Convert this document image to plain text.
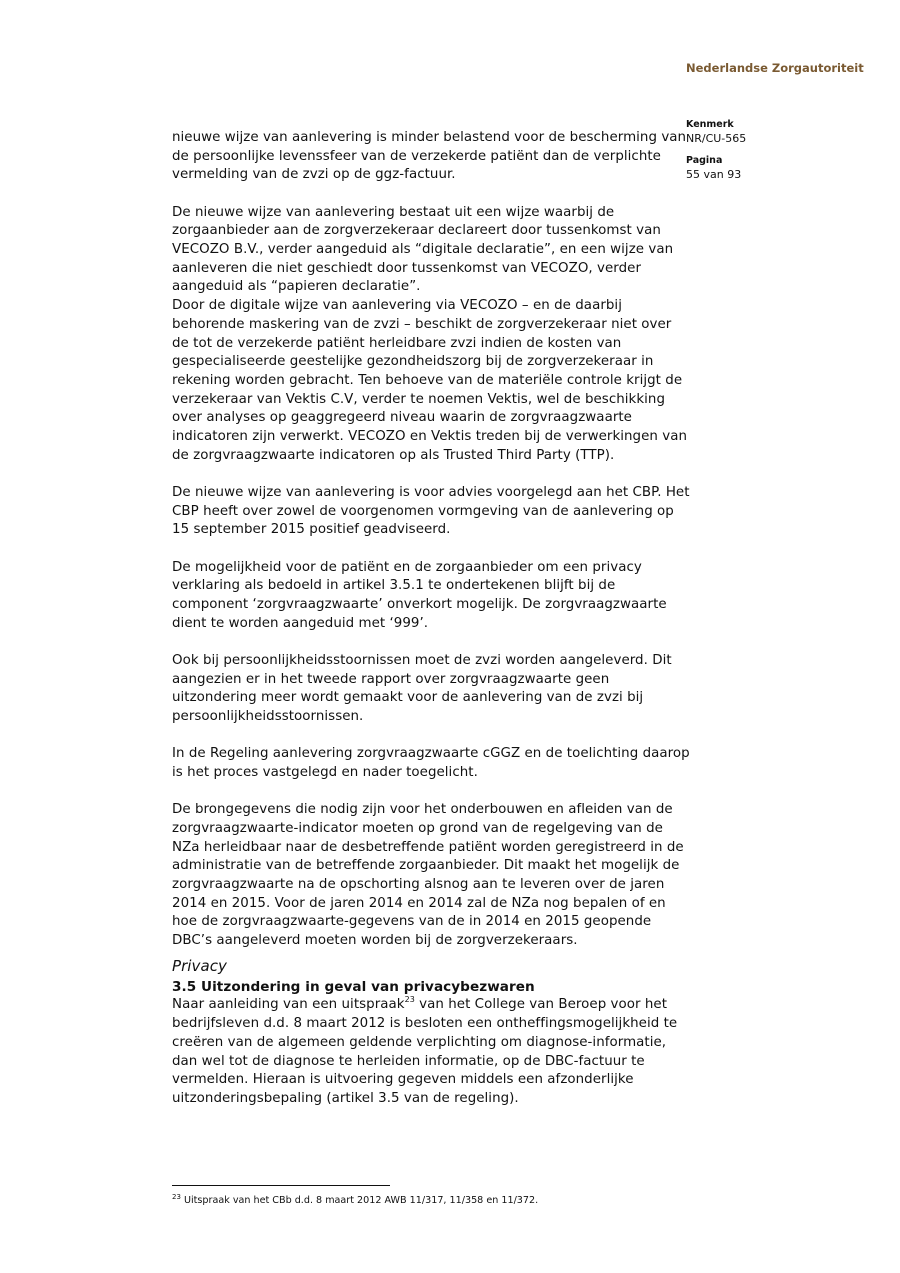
Nederlandse Zorgautoriteit
Kenmerk
NR/CU-565
Pagina
55 van 93

nieuwe wijze van aanlevering is minder belastend voor de bescherming van de persoonlijke levenssfeer van de verzekerde patiënt dan de verplichte vermelding van de zvzi op de ggz-factuur.

De nieuwe wijze van aanlevering bestaat uit een wijze waarbij de zorgaanbieder aan de zorgverzekeraar declareert door tussenkomst van VECOZO B.V., verder aangeduid als “digitale declaratie”, en een wijze van aanleveren die niet geschiedt door tussenkomst van VECOZO, verder aangeduid als “papieren declaratie”.

Door de digitale wijze van aanlevering via VECOZO – en de daarbij behorende maskering van de zvzi – beschikt de zorgverzekeraar niet over de tot de verzekerde patiënt herleidbare zvzi indien de kosten van gespecialiseerde geestelijke gezondheidszorg bij de zorgverzekeraar in rekening worden gebracht. Ten behoeve van de materiële controle krijgt de verzekeraar van Vektis C.V, verder te noemen Vektis, wel de beschikking over analyses op geaggregeerd niveau waarin de zorgvraagzwaarte indicatoren zijn verwerkt. VECOZO en Vektis treden bij de verwerkingen van de zorgvraagzwaarte indicatoren op als Trusted Third Party (TTP).

De nieuwe wijze van aanlevering is voor advies voorgelegd aan het CBP. Het CBP heeft over zowel de voorgenomen vormgeving van de aanlevering op 15 september 2015 positief geadviseerd.

De mogelijkheid voor de patiënt en de zorgaanbieder om een privacy verklaring als bedoeld in artikel 3.5.1 te ondertekenen blijft bij de component ‘zorgvraagzwaarte’ onverkort mogelijk. De zorgvraagzwaarte dient te worden aangeduid met ‘999’.

Ook bij persoonlijkheidsstoornissen moet de zvzi worden aangeleverd. Dit aangezien er in het tweede rapport over zorgvraagzwaarte geen uitzondering meer wordt gemaakt voor de aanlevering van de zvzi bij persoonlijkheidsstoornissen.

In de Regeling aanlevering zorgvraagzwaarte cGGZ en de toelichting daarop is het proces vastgelegd en nader toegelicht.

De brongegevens die nodig zijn voor het onderbouwen en afleiden van de zorgvraagzwaarte-indicator moeten op grond van de regelgeving van de NZa herleidbaar naar de desbetreffende patiënt worden geregistreerd in de administratie van de betreffende zorgaanbieder. Dit maakt het mogelijk de zorgvraagzwaarte na de opschorting alsnog aan te leveren over de jaren 2014 en 2015. Voor de jaren 2014 en 2014 zal de NZa nog bepalen of en hoe de zorgvraagzwaarte-gegevens van de in 2014 en 2015 geopende DBC’s aangeleverd moeten worden bij de zorgverzekeraars.

Privacy
3.5 Uitzondering in geval van privacybezwaren

Naar aanleiding van een uitspraak$^{23}$ van het College van Beroep voor het bedrijfsleven d.d. 8 maart 2012 is besloten een ontheffingsmogelijkheid te creëren van de algemeen geldende verplichting om diagnose-informatie, dan wel tot de diagnose te herleiden informatie, op de DBC-factuur te vermelden. Hieraan is uitvoering gegeven middels een afzonderlijke uitzonderingsbepaling (artikel 3.5 van de regeling).

$^{23}$ Uitspraak van het CBb d.d. 8 maart 2012 AWB 11/317, 11/358 en 11/372.
